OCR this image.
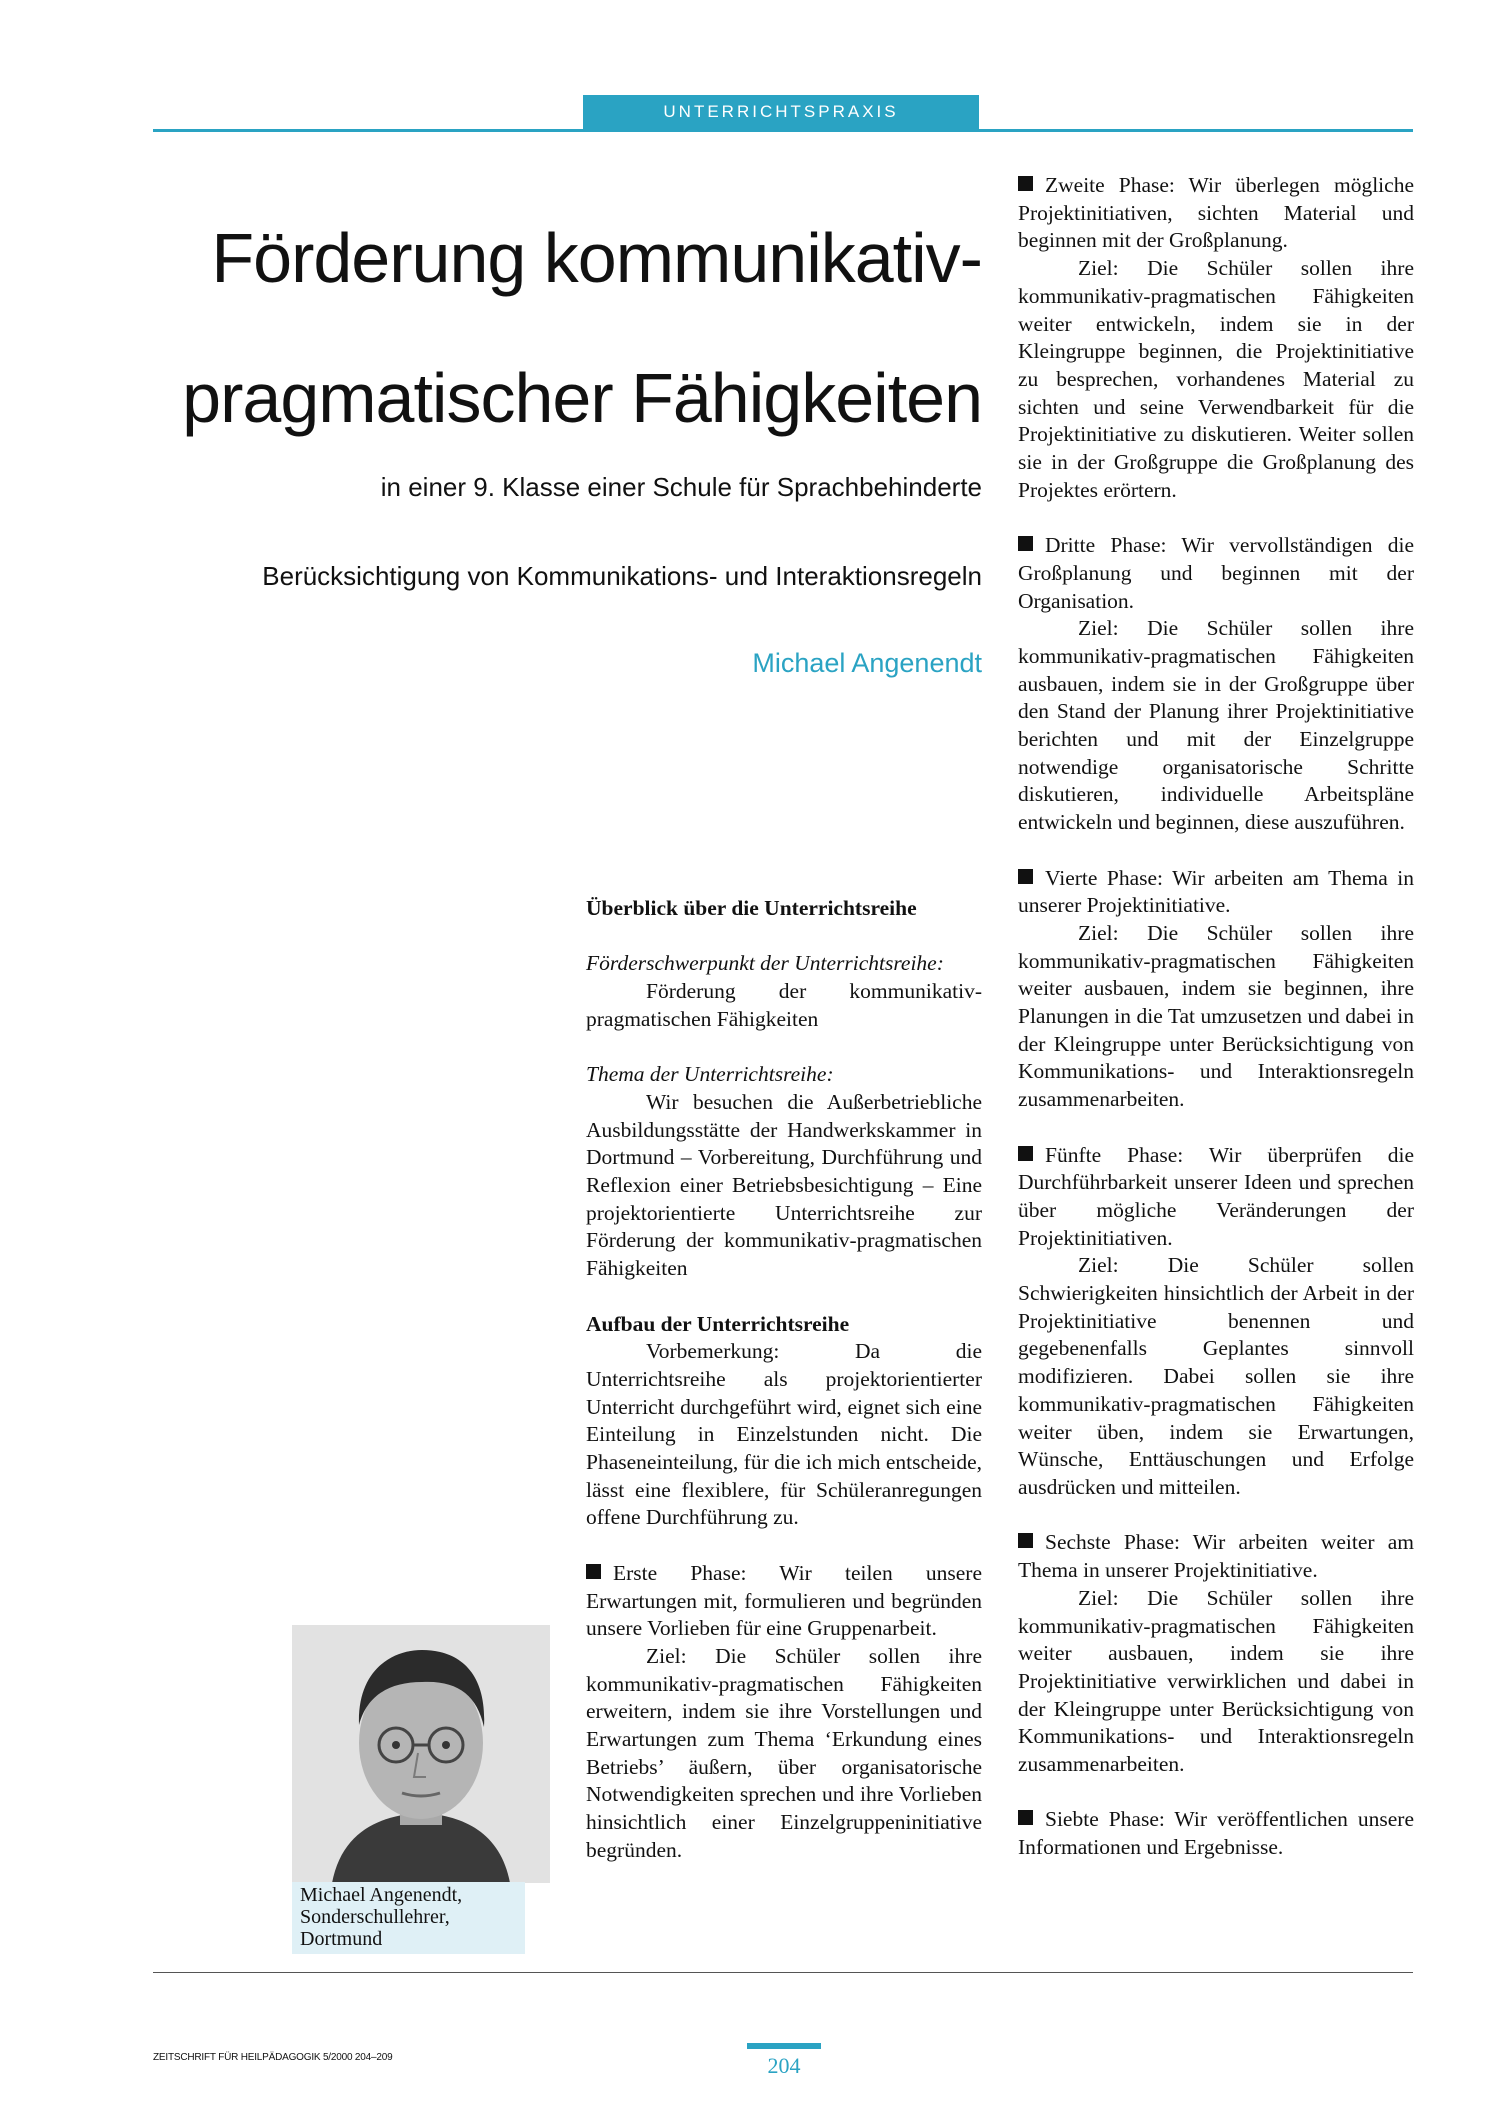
UNTERRICHTSPRAXIS
Förderung kommunikativ-
pragmatischer Fähigkeiten
in einer 9. Klasse einer Schule für Sprachbehinderte
Berücksichtigung von Kommunikations- und Interaktionsregeln
Michael Angenendt
Überblick über die Unterrichtsreihe

Förderschwerpunkt der Unterrichtsreihe:

Förderung der kommunikativ-pragmatischen Fähigkeiten

Thema der Unterrichtsreihe:

Wir besuchen die Außerbetriebliche Ausbildungsstätte der Handwerkskammer in Dortmund – Vorbereitung, Durchführung und Reflexion einer Betriebsbesichtigung – Eine projektorientierte Unterrichtsreihe zur Förderung der kommunikativ-pragmatischen Fähigkeiten

Aufbau der Unterrichtsreihe

Vorbemerkung: Da die Unterrichtsreihe als projektorientierter Unterricht durchgeführt wird, eignet sich eine Einteilung in Einzelstunden nicht. Die Phaseneinteilung, für die ich mich entscheide, lässt eine flexiblere, für Schüleranregungen offene Durchführung zu.

Erste Phase: Wir teilen unsere Erwartungen mit, formulieren und begründen unsere Vorlieben für eine Gruppenarbeit.

Ziel: Die Schüler sollen ihre kommunikativ-pragmatischen Fähigkeiten erweitern, indem sie ihre Vorstellungen und Erwartungen zum Thema ‘Erkundung eines Betriebs’ äußern, über organisatorische Notwendigkeiten sprechen und ihre Vorlieben hinsichtlich einer Einzelgruppeninitiative begründen.

Zweite Phase: Wir überlegen mögliche Projektinitiativen, sichten Material und beginnen mit der Großplanung.

Ziel: Die Schüler sollen ihre kommunikativ-pragmatischen Fähigkeiten weiter entwickeln, indem sie in der Kleingruppe beginnen, die Projektinitiative zu besprechen, vorhandenes Material zu sichten und seine Verwendbarkeit für die Projektinitiative zu diskutieren. Weiter sollen sie in der Großgruppe die Großplanung des Projektes erörtern.

Dritte Phase: Wir vervollständigen die Großplanung und beginnen mit der Organisation.

Ziel: Die Schüler sollen ihre kommunikativ-pragmatischen Fähigkeiten ausbauen, indem sie in der Großgruppe über den Stand der Planung ihrer Projektinitiative berichten und mit der Einzelgruppe notwendige organisatorische Schritte diskutieren, individuelle Arbeitspläne entwickeln und beginnen, diese auszuführen.

Vierte Phase: Wir arbeiten am Thema in unserer Projektinitiative.

Ziel: Die Schüler sollen ihre kommunikativ-pragmatischen Fähigkeiten weiter ausbauen, indem sie beginnen, ihre Planungen in die Tat umzusetzen und dabei in der Kleingruppe unter Berücksichtigung von Kommunikations- und Interaktionsregeln zusammenarbeiten.

Fünfte Phase: Wir überprüfen die Durchführbarkeit unserer Ideen und sprechen über mögliche Veränderungen der Projektinitiativen.

Ziel: Die Schüler sollen Schwierigkeiten hinsichtlich der Arbeit in der Projektinitiative benennen und gegebenenfalls Geplantes sinnvoll modifizieren. Dabei sollen sie ihre kommunikativ-pragmatischen Fähigkeiten weiter üben, indem sie Erwartungen, Wünsche, Enttäuschungen und Erfolge ausdrücken und mitteilen.

Sechste Phase: Wir arbeiten weiter am Thema in unserer Projektinitiative.

Ziel: Die Schüler sollen ihre kommunikativ-pragmatischen Fähigkeiten weiter ausbauen, indem sie ihre Projektinitiative verwirklichen und dabei in der Kleingruppe unter Berücksichtigung von Kommunikations- und Interaktionsregeln zusammenarbeiten.

Siebte Phase: Wir veröffentlichen unsere Informationen und Ergebnisse.

Michael Angenendt,
Sonderschullehrer,
Dortmund
ZEITSCHRIFT FÜR HEILPÄDAGOGIK 5/2000 204–209	204
